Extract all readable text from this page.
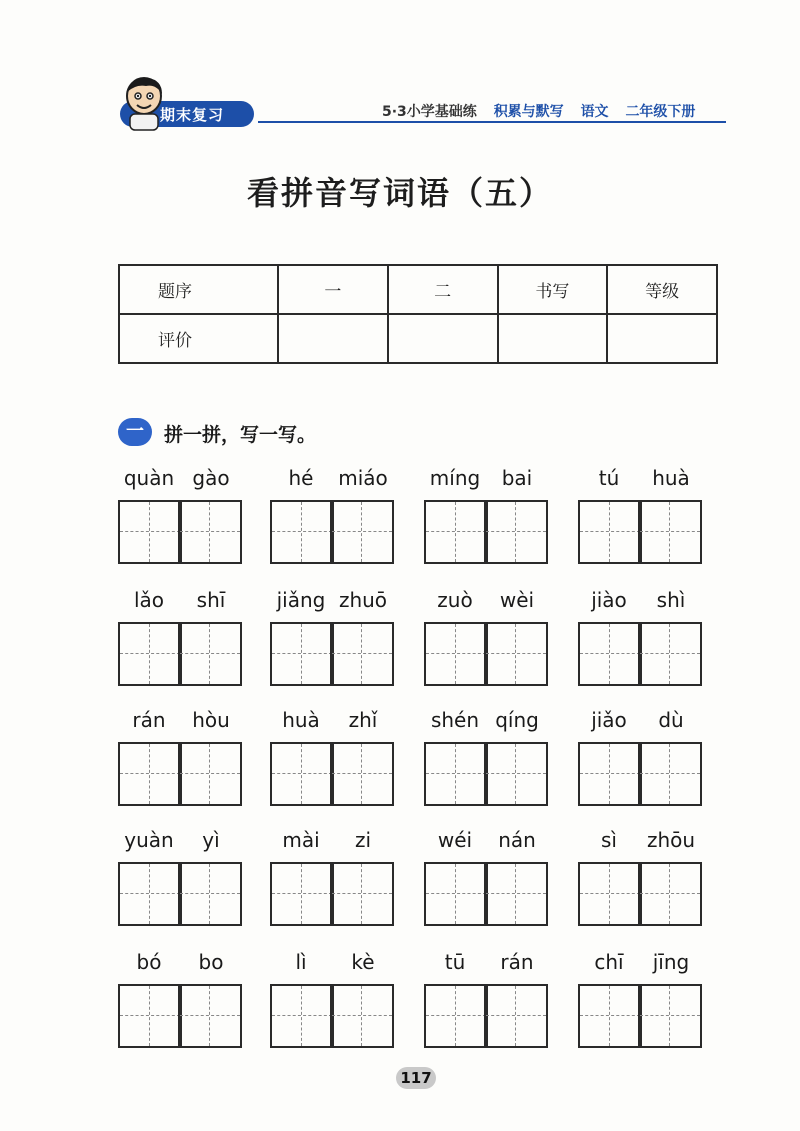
期末复习	5·3小学基础练 积累与默写 语文 二年级下册
看拼音写词语（五）
题序	一	二	书写	等级
评价				
一	拼一拼，写一写。
quàn gào	hé	miáo	míng	bai	tú	huà
lǎo	shī	jiǎng zhuō	zuò	wèi	jiào	shì
rán	hòu	huà	zhǐ	shén qíng	jiǎo	dù
yuàn	yì	mài	zi	wéi	nán	sì	zhōu
bó	bo	lì	kè	tū	rán	chī	jīng
117
